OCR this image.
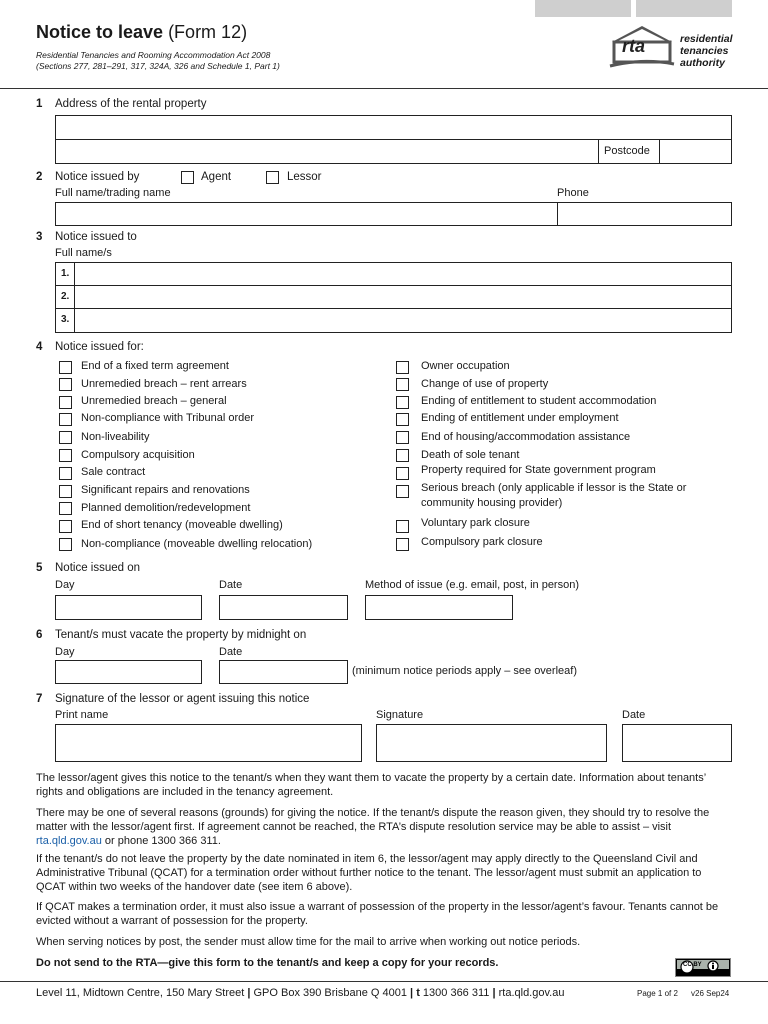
Notice to leave (Form 12)
Residential Tenancies and Rooming Accommodation Act 2008
(Sections 277, 281–291, 317, 324A, 326 and Schedule 1, Part 1)
rta	residential
tenancies
authority
1 Address of the rental property
Postcode
2 Notice issued by	Agent	Lessor
Full name/trading name	Phone
3 Notice issued to
Full name/s
1.
2.
3.
4 Notice issued for:
End of a fixed term agreement
Unremedied breach – rent arrears
Unremedied breach – general
Non-compliance with Tribunal order
Non-liveability
Compulsory acquisition
Sale contract
Significant repairs and renovations
Planned demolition/redevelopment
End of short tenancy (moveable dwelling)
Non-compliance (moveable dwelling relocation)
Owner occupation
Change of use of property
Ending of entitlement to student accommodation
Ending of entitlement under employment
End of housing/accommodation assistance
Death of sole tenant
Property required for State government program
Serious breach (only applicable if lessor is the State or
community housing provider)
Voluntary park closure
Compulsory park closure
5 Notice issued on
Day	Date	Method of issue (e.g. email, post, in person)
6 Tenant/s must vacate the property by midnight on
Day	Date
(minimum notice periods apply – see overleaf)
7 Signature of the lessor or agent issuing this notice
Print name	Signature	Date
The lessor/agent gives this notice to the tenant/s when they want them to vacate the property by a certain date. Information about tenants’ rights and obligations are included in the tenancy agreement.
There may be one of several reasons (grounds) for giving the notice. If the tenant/s dispute the reason given, they should try to resolve the matter with the lessor/agent first. If agreement cannot be reached, the RTA’s dispute resolution service may be able to assist – visit rta.qld.gov.au or phone 1300 366 311.
If the tenant/s do not leave the property by the date nominated in item 6, the lessor/agent may apply directly to the Queensland Civil and Administrative Tribunal (QCAT) for a termination order without further notice to the tenant. The lessor/agent must submit an application to QCAT within two weeks of the handover date (see item 6 above).
If QCAT makes a termination order, it must also issue a warrant of possession of the property in the lessor/agent’s favour. Tenants cannot be evicted without a warrant of possession for the property.
When serving notices by post, the sender must allow time for the mail to arrive when working out notice periods.
Do not send to the RTA—give this form to the tenant/s and keep a copy for your records.	CC BY
Level 11, Midtown Centre, 150 Mary Street | GPO Box 390 Brisbane Q 4001 | t 1300 366 311 | rta.qld.gov.au	Page 1 of 2 v26 Sep24
